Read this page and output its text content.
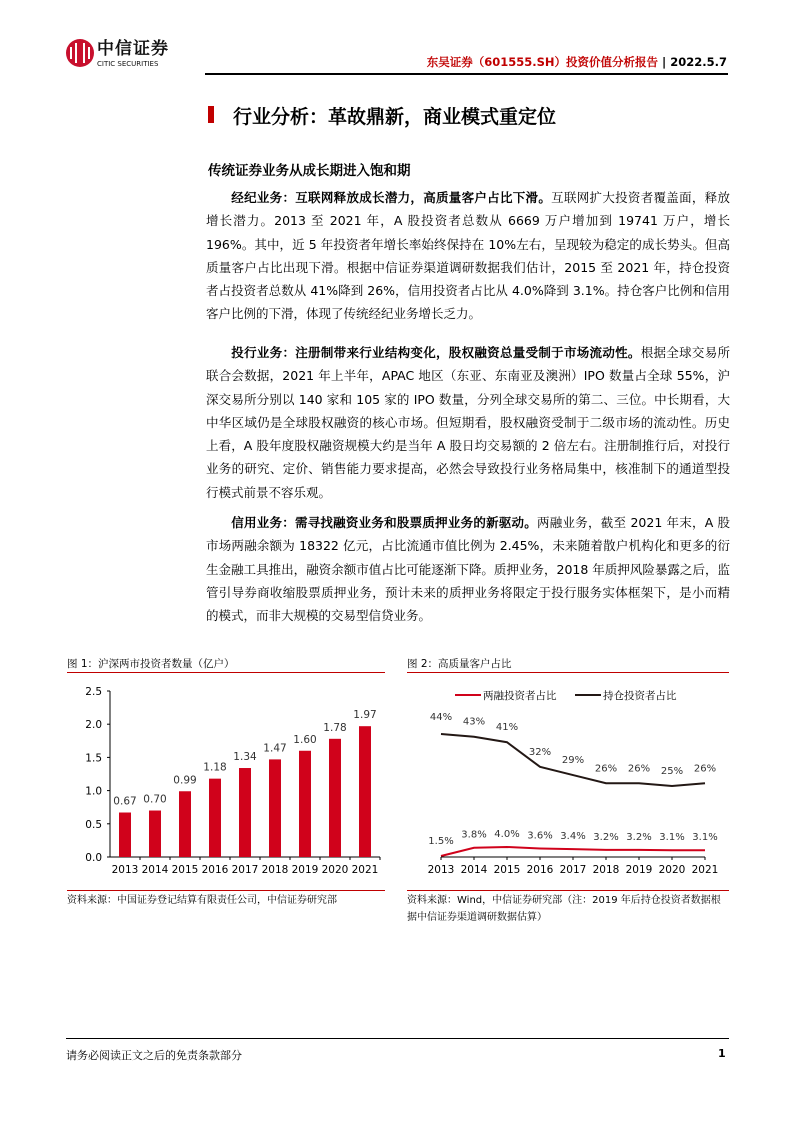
中信证券
CITIC SECURITIES	东吴证券（601555.SH）投资价值分析报告 | 2022.5.7
行业分析：革故鼎新，商业模式重定位
传统证券业务从成长期进入饱和期
经纪业务：互联网释放成长潜力，高质量客户占比下滑。互联网扩大投资者覆盖面，释放增长潜力。2013 至 2021 年，A 股投资者总数从 6669 万户增加到 19741 万户，增长 196%。其中，近 5 年投资者年增长率始终保持在 10%左右，呈现较为稳定的成长势头。但高质量客户占比出现下滑。根据中信证券渠道调研数据我们估计，2015 至 2021 年，持仓投资者占投资者总数从 41%降到 26%，信用投资者占比从 4.0%降到 3.1%。持仓客户比例和信用客户比例的下滑，体现了传统经纪业务增长乏力。
投行业务：注册制带来行业结构变化，股权融资总量受制于市场流动性。根据全球交易所联合会数据，2021 年上半年，APAC 地区（东亚、东南亚及澳洲）IPO 数量占全球 55%，沪深交易所分别以 140 家和 105 家的 IPO 数量，分列全球交易所的第二、三位。中长期看，大中华区域仍是全球股权融资的核心市场。但短期看，股权融资受制于二级市场的流动性。历史上看，A 股年度股权融资规模大约是当年 A 股日均交易额的 2 倍左右。注册制推行后，对投行业务的研究、定价、销售能力要求提高，必然会导致投行业务格局集中，核准制下的通道型投行模式前景不容乐观。
信用业务：需寻找融资业务和股票质押业务的新驱动。两融业务，截至 2021 年末，A 股市场两融余额为 18322 亿元，占比流通市值比例为 2.45%，未来随着散户机构化和更多的衍生金融工具推出，融资余额市值占比可能逐渐下降。质押业务，2018 年质押风险暴露之后，监管引导券商收缩股票质押业务，预计未来的质押业务将限定于投行服务实体框架下，是小而精的模式，而非大规模的交易型信贷业务。
图 1：沪深两市投资者数量（亿户）
0.0
0.5
1.0
1.5
2.0
2.5
0.67
2013
0.70
2014
0.99
2015
1.18
2016
1.34
2017
1.47
2018
1.60
2019
1.78
2020
1.97
2021
资料来源：中国证券登记结算有限责任公司，中信证券研究部
图 2：高质量客户占比
两融投资者占比	持仓投资者占比
1.5%
3.8% 4.0% 3.6% 3.4% 3.2% 3.2% 3.1% 3.1%
44% 43% 41%
32%
29%
26% 26% 25% 26%
2013 2014 2015 2016 2017 2018 2019 2020 2021
资料来源：Wind，中信证券研究部（注：2019 年后持仓投资者数据根据中信证券渠道调研数据估算）
请务必阅读正文之后的免责条款部分	1
